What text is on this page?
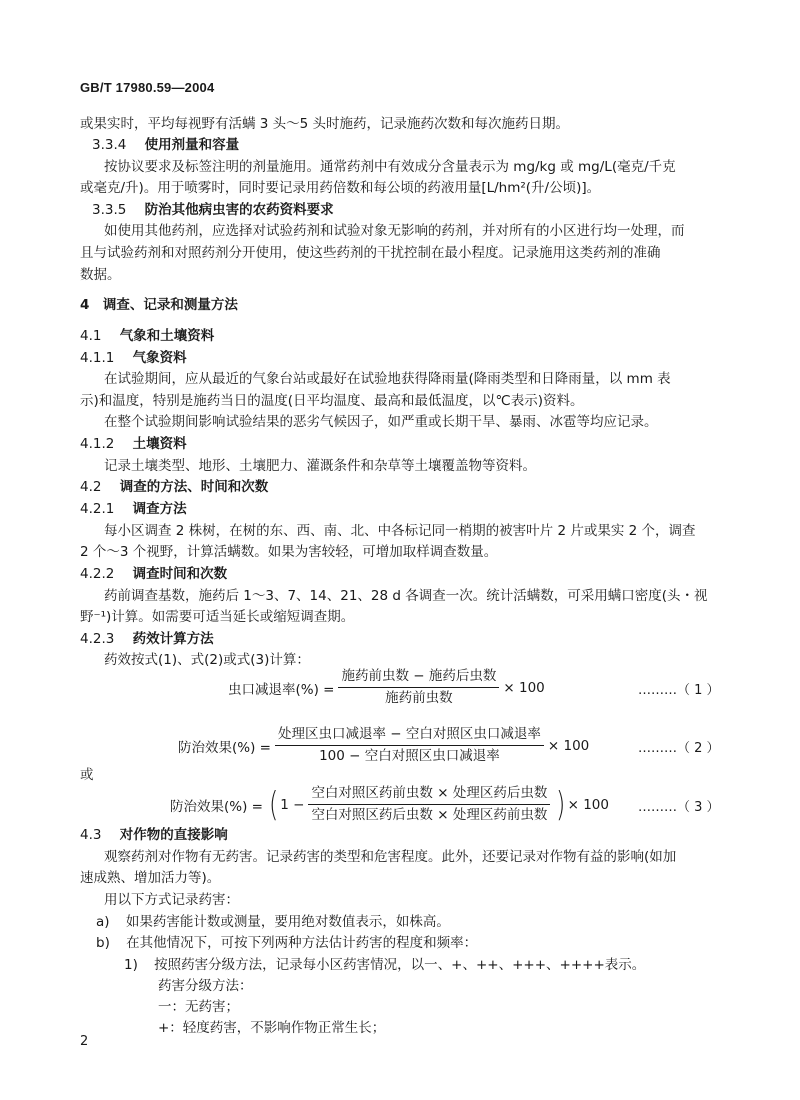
GB/T 17980.59—2004
或果实时，平均每视野有活螨 3 头～5 头时施药，记录施药次数和每次施药日期。
3.3.4 使用剂量和容量
按协议要求及标签注明的剂量施用。通常药剂中有效成分含量表示为 mg/kg 或 mg/L(毫克/千克
或毫克/升)。用于喷雾时，同时要记录用药倍数和每公顷的药液用量[L/hm²(升/公顷)]。
3.3.5 防治其他病虫害的农药资料要求
如使用其他药剂，应选择对试验药剂和试验对象无影响的药剂，并对所有的小区进行均一处理，而
且与试验药剂和对照药剂分开使用，使这些药剂的干扰控制在最小程度。记录施用这类药剂的准确
数据。
4　调查、记录和测量方法
4.1 气象和土壤资料
4.1.1 气象资料
在试验期间，应从最近的气象台站或最好在试验地获得降雨量(降雨类型和日降雨量，以 mm 表
示)和温度，特别是施药当日的温度(日平均温度、最高和最低温度，以℃表示)资料。
在整个试验期间影响试验结果的恶劣气候因子，如严重或长期干旱、暴雨、冰雹等均应记录。
4.1.2 土壤资料
记录土壤类型、地形、土壤肥力、灌溉条件和杂草等土壤覆盖物等资料。
4.2 调查的方法、时间和次数
4.2.1 调查方法
每小区调查 2 株树，在树的东、西、南、北、中各标记同一梢期的被害叶片 2 片或果实 2 个，调查
2 个～3 个视野，计算活螨数。如果为害较轻，可增加取样调查数量。
4.2.2 调查时间和次数
药前调查基数，施药后 1～3、7、14、21、28 d 各调查一次。统计活螨数，可采用螨口密度(头・视
野⁻¹)计算。如需要可适当延长或缩短调查期。
4.2.3 药效计算方法
药效按式(1)、式(2)或式(3)计算：
虫口减退率(%) = $\frac{\text{施药前虫数 − 施药后虫数}}{\text{施药前虫数}} \times 100$	………（ 1 ）
防治效果(%) = $\frac{\text{处理区虫口减退率 − 空白对照区虫口减退率}}{\text{100 − 空白对照区虫口减退率}} \times 100$	………（ 2 ）
或
防治效果(%) = ( $1 - \frac{\text{空白对照区药前虫数 × 处理区药后虫数}}{\text{空白对照区药后虫数 × 处理区药前虫数}}$ ) × 100 ………（ 3 ）
4.3 对作物的直接影响
观察药剂对作物有无药害。记录药害的类型和危害程度。此外，还要记录对作物有益的影响(如加
速成熟、增加活力等)。
用以下方式记录药害：
a) 如果药害能计数或测量，要用绝对数值表示，如株高。
b) 在其他情况下，可按下列两种方法估计药害的程度和频率：
1) 按照药害分级方法，记录每小区药害情况，以一、+、++、+++、++++表示。
药害分级方法：
一：无药害；
+：轻度药害，不影响作物正常生长；
2
